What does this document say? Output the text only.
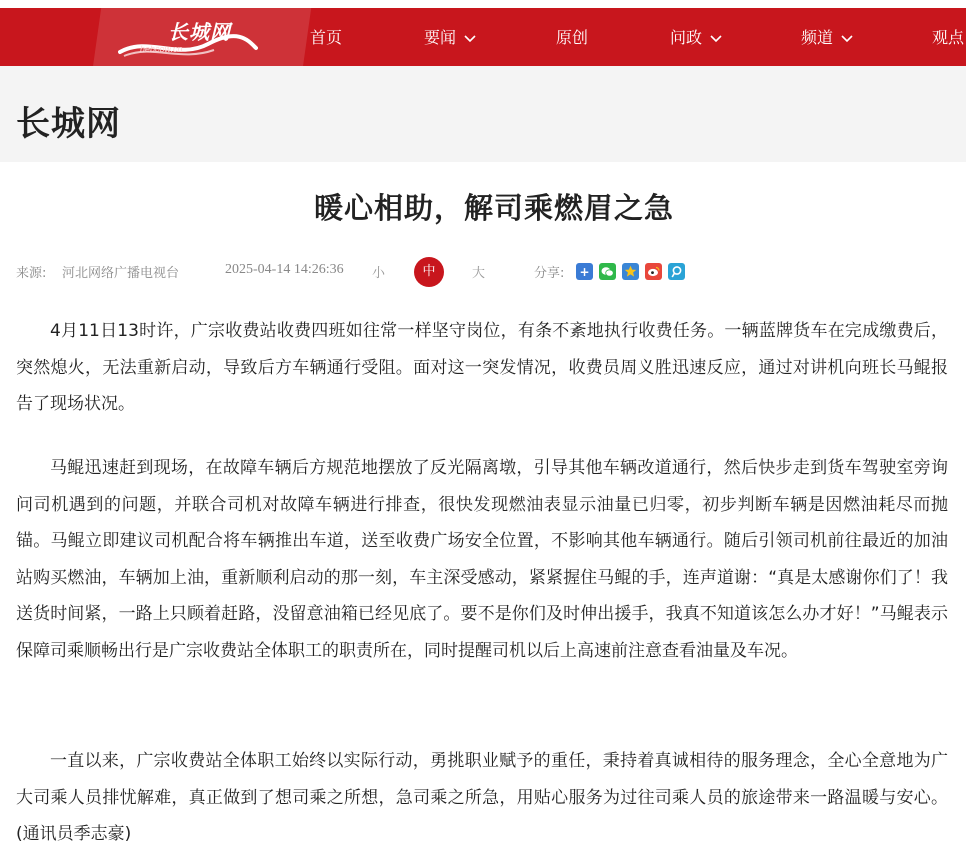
长城网
hebcow.cn
首页	要闻	原创	问政	频道	观点
长城网
暖心相助，解司乘燃眉之急
来源: 河北网络广播电视台	2025-04-14 14:26:36 小	中	大	分享: +

4月11日13时许，广宗收费站收费四班如往常一样坚守岗位，有条不紊地执行收费任务。一辆蓝牌货车在完成缴费后，突然熄火，无法重新启动，导致后方车辆通行受阻。面对这一突发情况，收费员周义胜迅速反应，通过对讲机向班长马鲲报告了现场状况。

马鲲迅速赶到现场，在故障车辆后方规范地摆放了反光隔离墩，引导其他车辆改道通行，然后快步走到货车驾驶室旁询问司机遇到的问题，并联合司机对故障车辆进行排查，很快发现燃油表显示油量已归零，初步判断车辆是因燃油耗尽而抛锚。马鲲立即建议司机配合将车辆推出车道，送至收费广场安全位置，不影响其他车辆通行。随后引领司机前往最近的加油站购买燃油，车辆加上油，重新顺利启动的那一刻，车主深受感动，紧紧握住马鲲的手，连声道谢：“真是太感谢你们了！我送货时间紧，一路上只顾着赶路，没留意油箱已经见底了。要不是你们及时伸出援手，我真不知道该怎么办才好！”马鲲表示保障司乘顺畅出行是广宗收费站全体职工的职责所在，同时提醒司机以后上高速前注意查看油量及车况。

一直以来，广宗收费站全体职工始终以实际行动，勇挑职业赋予的重任，秉持着真诚相待的服务理念，全心全意地为广大司乘人员排忧解难，真正做到了想司乘之所想，急司乘之所急，用贴心服务为过往司乘人员的旅途带来一路温暖与安心。 (通讯员季志豪)
